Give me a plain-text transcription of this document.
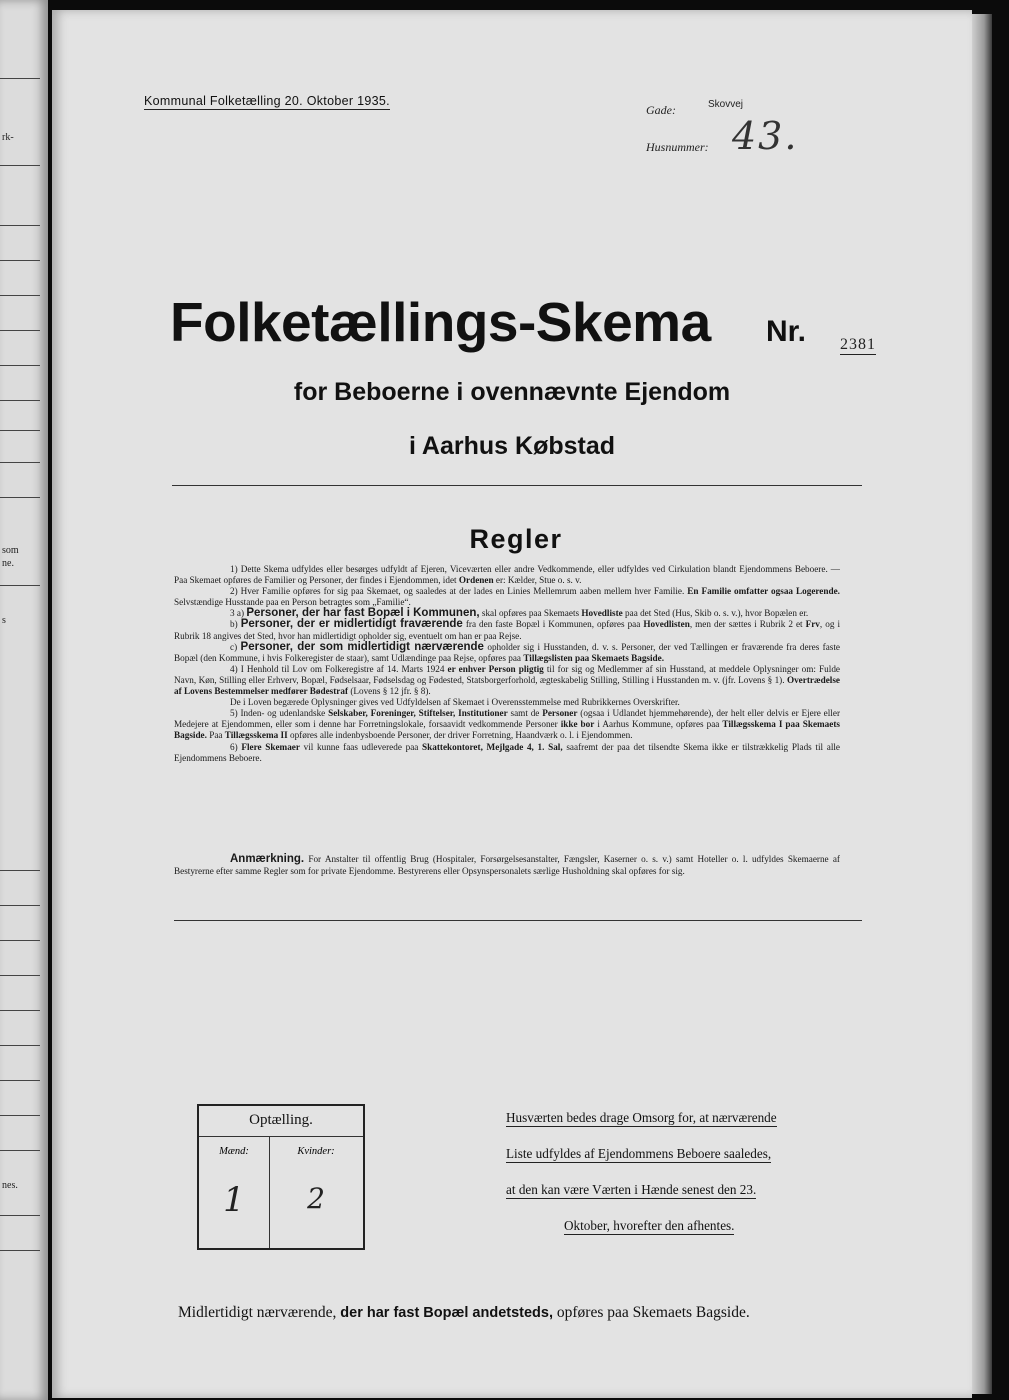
rk-
som
ne.
s
nes.
Kommunal Folketælling 20. Oktober 1935.
Gade:	Skovvej
Husnummer: 43.
Folketællings-Skema Nr. 2381
for Beboerne i ovennævnte Ejendom
i Aarhus Købstad
Regler

1) Dette Skema udfyldes eller besørges udfyldt af Ejeren, Viceværten eller andre Vedkommende, eller udfyldes ved Cirkulation blandt Ejendommens Beboere. — Paa Skemaet opføres de Familier og Personer, der findes i Ejendommen, idet Ordenen er: Kælder, Stue o. s. v.

2) Hver Familie opføres for sig paa Skemaet, og saaledes at der lades en Linies Mellemrum aaben mellem hver Familie. En Familie omfatter ogsaa Logerende. Selvstændige Husstande paa en Person betragtes som „Familie“.

3 a) Personer, der har fast Bopæl i Kommunen, skal opføres paa Skemaets Hovedliste paa det Sted (Hus, Skib o. s. v.), hvor Bopælen er.

b) Personer, der er midlertidigt fraværende fra den faste Bopæl i Kommunen, opføres paa Hovedlisten, men der sættes i Rubrik 2 et Frv, og i Rubrik 18 angives det Sted, hvor han midlertidigt opholder sig, eventuelt om han er paa Rejse.

c) Personer, der som midlertidigt nærværende opholder sig i Husstanden, d. v. s. Personer, der ved Tællingen er fraværende fra deres faste Bopæl (den Kommune, i hvis Folkeregister de staar), samt Udlændinge paa Rejse, opføres paa Tillægslisten paa Skemaets Bagside.

4) I Henhold til Lov om Folkeregistre af 14. Marts 1924 er enhver Person pligtig til for sig og Medlemmer af sin Husstand, at meddele Oplysninger om: Fulde Navn, Køn, Stilling eller Erhverv, Bopæl, Fødselsaar, Fødselsdag og Fødested, Statsborgerforhold, ægteskabelig Stilling, Stilling i Husstanden m. v. (jfr. Lovens § 1). Overtrædelse af Lovens Bestemmelser medfører Bødestraf (Lovens § 12 jfr. § 8).

De i Loven begærede Oplysninger gives ved Udfyldelsen af Skemaet i Overensstemmelse med Rubrikkernes Overskrifter.

5) Inden- og udenlandske Selskaber, Foreninger, Stiftelser, Institutioner samt de Personer (ogsaa i Udlandet hjemmehørende), der helt eller delvis er Ejere eller Medejere at Ejendommen, eller som i denne har Forretningslokale, forsaavidt vedkommende Personer ikke bor i Aarhus Kommune, opføres paa Tillægsskema I paa Skemaets Bagside. Paa Tillægsskema II opføres alle indenbysboende Personer, der driver Forretning, Haandværk o. l. i Ejendommen.

6) Flere Skemaer vil kunne faas udleverede paa Skattekontoret, Mejlgade 4, 1. Sal, saafremt der paa det tilsendte Skema ikke er tilstrækkelig Plads til alle Ejendommens Beboere.

Anmærkning. For Anstalter til offentlig Brug (Hospitaler, Forsørgelsesanstalter, Fængsler, Kaserner o. s. v.) samt Hoteller o. l. udfyldes Skemaerne af Bestyrerne efter samme Regler som for private Ejendomme. Bestyrerens eller Opsynspersonalets særlige Husholdning skal opføres for sig.
Optælling.
Mænd:	Kvinder:
1	2
Husværten bedes drage Omsorg for, at nærværende
Liste udfyldes af Ejendommens Beboere saaledes,
at den kan være Værten i Hænde senest den 23.
Oktober, hvorefter den afhentes.
Midlertidigt nærværende, der har fast Bopæl andetsteds, opføres paa Skemaets Bagside.
